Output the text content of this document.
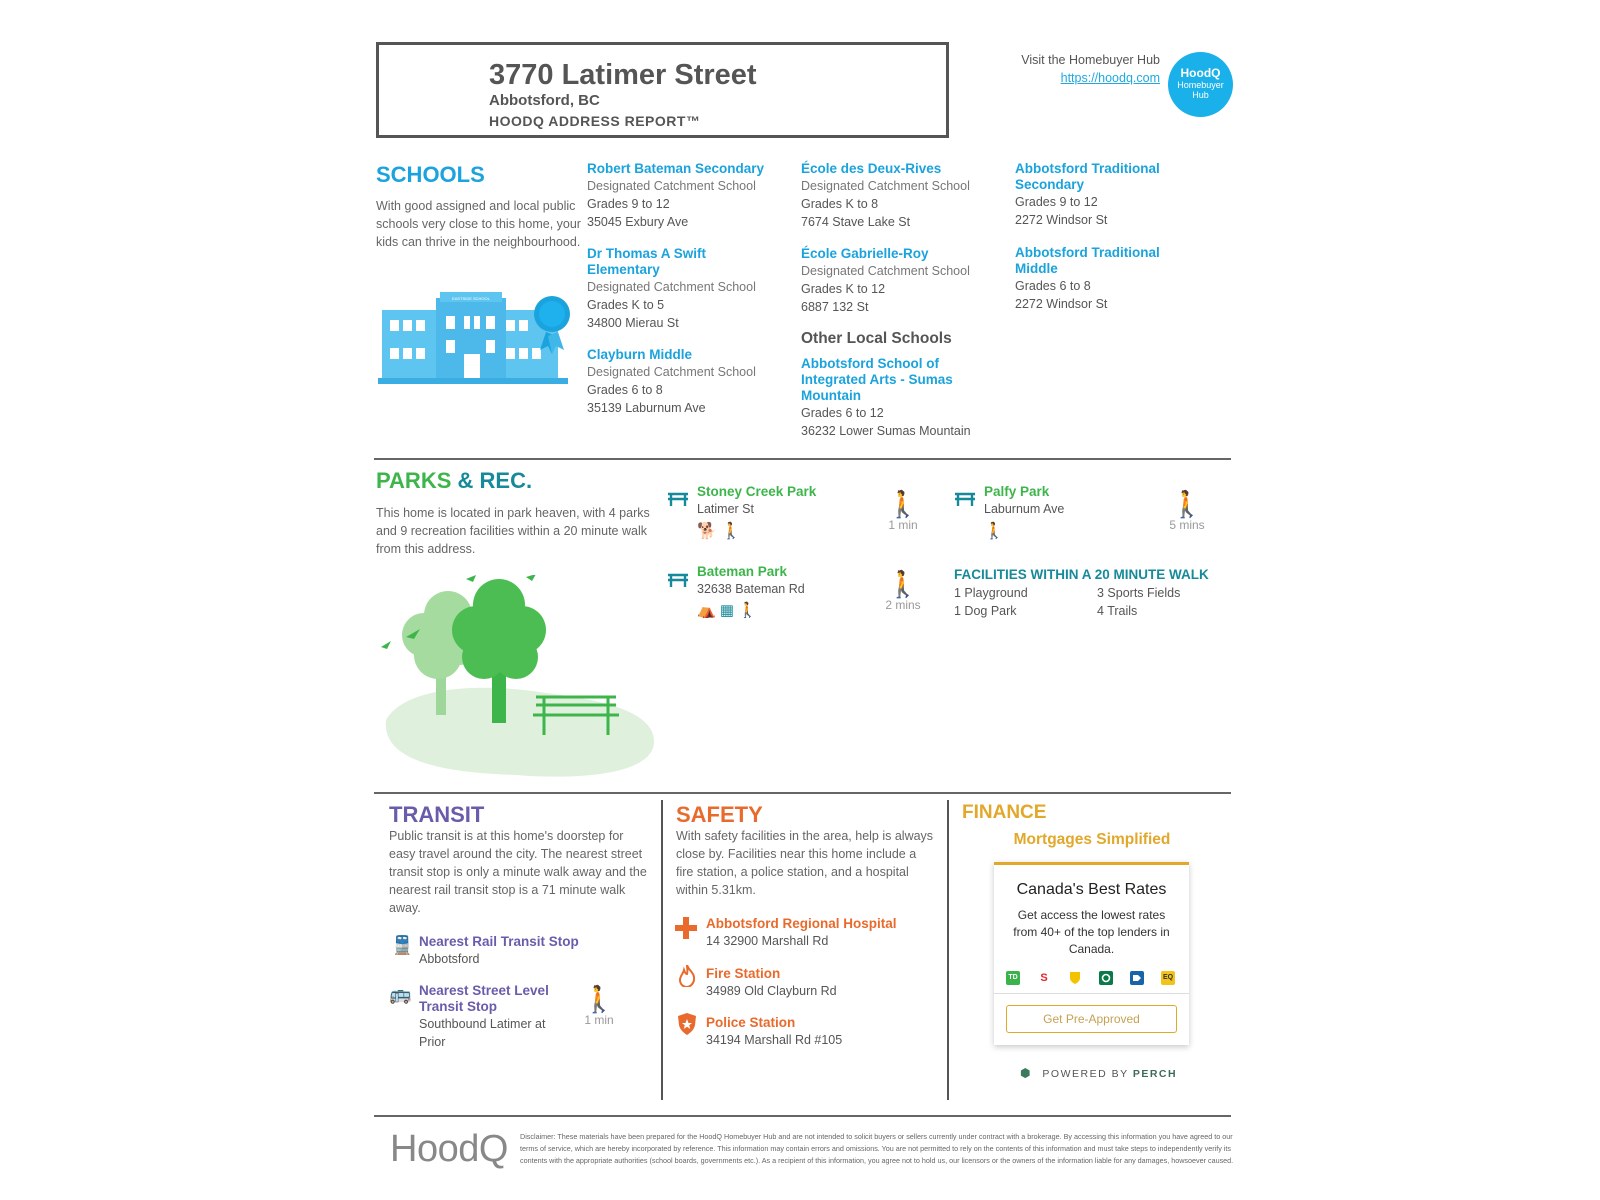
3770 Latimer Street
Abbotsford, BC
HOODQ ADDRESS REPORT™
Visit the Homebuyer Hub
https://hoodq.com	HoodQ
Homebuyer Hub
SCHOOLS
With good assigned and local public schools very close to this home, your kids can thrive in the neighbourhood.
EASTSIDE SCHOOL
Robert Bateman Secondary
Designated Catchment School
Grades 9 to 12
35045 Exbury Ave
Dr Thomas A Swift Elementary
Designated Catchment School
Grades K to 5
34800 Mierau St
Clayburn Middle
Designated Catchment School
Grades 6 to 8
35139 Laburnum Ave
École des Deux-Rives
Designated Catchment School
Grades K to 8
7674 Stave Lake St
École Gabrielle-Roy
Designated Catchment School
Grades K to 12
6887 132 St
Other Local Schools
Abbotsford School of Integrated Arts - Sumas Mountain
Grades 6 to 12
36232 Lower Sumas Mountain
Abbotsford Traditional Secondary
Grades 9 to 12
2272 Windsor St
Abbotsford Traditional Middle
Grades 6 to 8
2272 Windsor St
PARKS & REC.
This home is located in park heaven, with 4 parks and 9 recreation facilities within a 20 minute walk from this address.
Stoney Creek Park
Latimer St
🐕 🚶
🚶
1 min
Bateman Park
32638 Bateman Rd
⛺ ▦ 🚶
🚶
2 mins
Palfy Park
Laburnum Ave
🚶
🚶
5 mins
FACILITIES WITHIN A 20 MINUTE WALK
1 Playground	3 Sports Fields
1 Dog Park	4 Trails
TRANSIT
Public transit is at this home's doorstep for easy travel around the city. The nearest street transit stop is only a minute walk away and the nearest rail transit stop is a 71 minute walk away.
🚆 Nearest Rail Transit Stop
Abbotsford
🚌 Nearest Street Level Transit Stop
Southbound Latimer at Prior
🚶
1 min
SAFETY
With safety facilities in the area, help is always close by. Facilities near this home include a fire station, a police station, and a hospital within 5.31km.
Abbotsford Regional Hospital
14 32900 Marshall Rd
Fire Station
34989 Old Clayburn Rd
Police Station
34194 Marshall Rd #105
FINANCE
Mortgages Simplified
Canada's Best Rates
Get access the lowest rates from 40+ of the top lenders in Canada.
TD	S	EQ
Get Pre-Approved
⬢ POWERED BY PERCH
HoodQ Disclaimer: These materials have been prepared for the HoodQ Homebuyer Hub and are not intended to solicit buyers or sellers currently under contract with a brokerage. By accessing this information you have agreed to our terms of service, which are hereby incorporated by reference. This information may contain errors and omissions. You are not permitted to rely on the contents of this information and must take steps to independently verify its contents with the appropriate authorities (school boards, governments etc.). As a recipient of this information, you agree not to hold us, our licensors or the owners of the information liable for any damages, howsoever caused.
